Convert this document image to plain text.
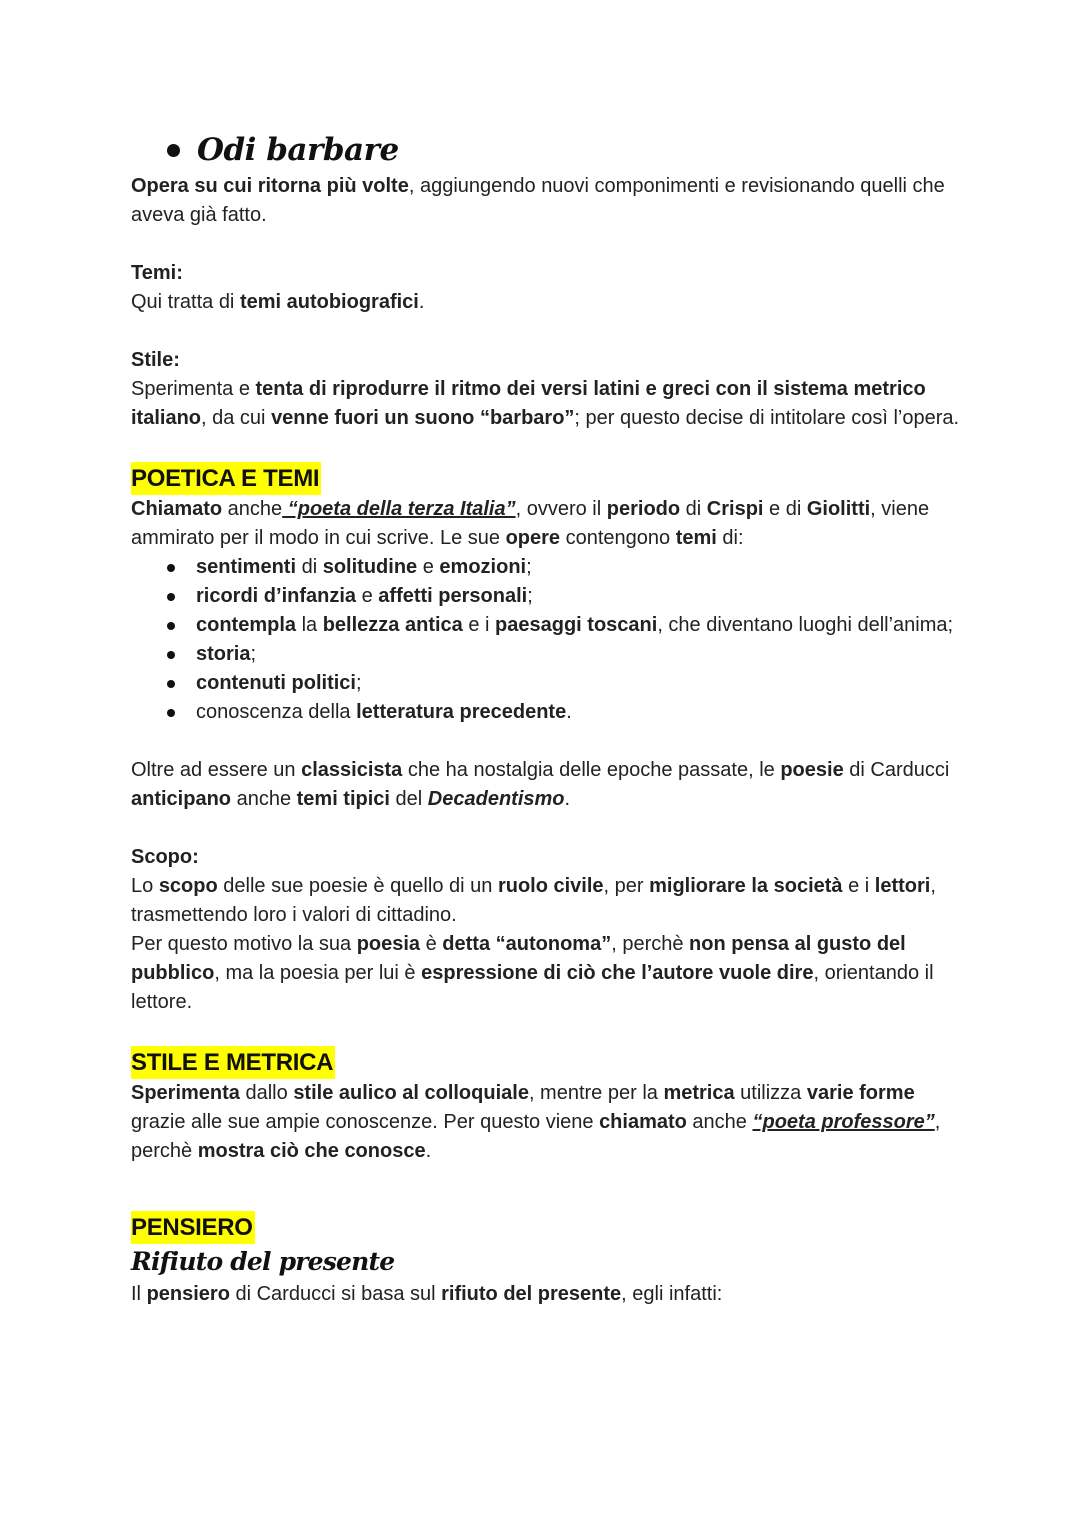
Odi barbare

Opera su cui ritorna più volte, aggiungendo nuovi componimenti e revisionando quelli che aveva già fatto.

Temi:

Qui tratta di temi autobiografici.

Stile:

Sperimenta e tenta di riprodurre il ritmo dei versi latini e greci con il sistema metrico italiano, da cui venne fuori un suono “barbaro”; per questo decise di intitolare così l’opera.

POETICA E TEMI

Chiamato anche “poeta della terza Italia”, ovvero il periodo di Crispi e di Giolitti, viene ammirato per il modo in cui scrive. Le sue opere contengono temi di:

sentimenti di solitudine e emozioni;
ricordi d’infanzia e affetti personali;
contempla la bellezza antica e i paesaggi toscani, che diventano luoghi dell’anima;
storia;
contenuti politici;
conoscenza della letteratura precedente.

Oltre ad essere un classicista che ha nostalgia delle epoche passate, le poesie di Carducci anticipano anche temi tipici del Decadentismo.

Scopo:

Lo scopo delle sue poesie è quello di un ruolo civile, per migliorare la società e i lettori, trasmettendo loro i valori di cittadino.

Per questo motivo la sua poesia è detta “autonoma”, perchè non pensa al gusto del pubblico, ma la poesia per lui è espressione di ciò che l’autore vuole dire, orientando il lettore.

STILE E METRICA

Sperimenta dallo stile aulico al colloquiale, mentre per la metrica utilizza varie forme grazie alle sue ampie conoscenze. Per questo viene chiamato anche “poeta professore”, perchè mostra ciò che conosce.

PENSIERO
Rifiuto del presente

Il pensiero di Carducci si basa sul rifiuto del presente, egli infatti:
